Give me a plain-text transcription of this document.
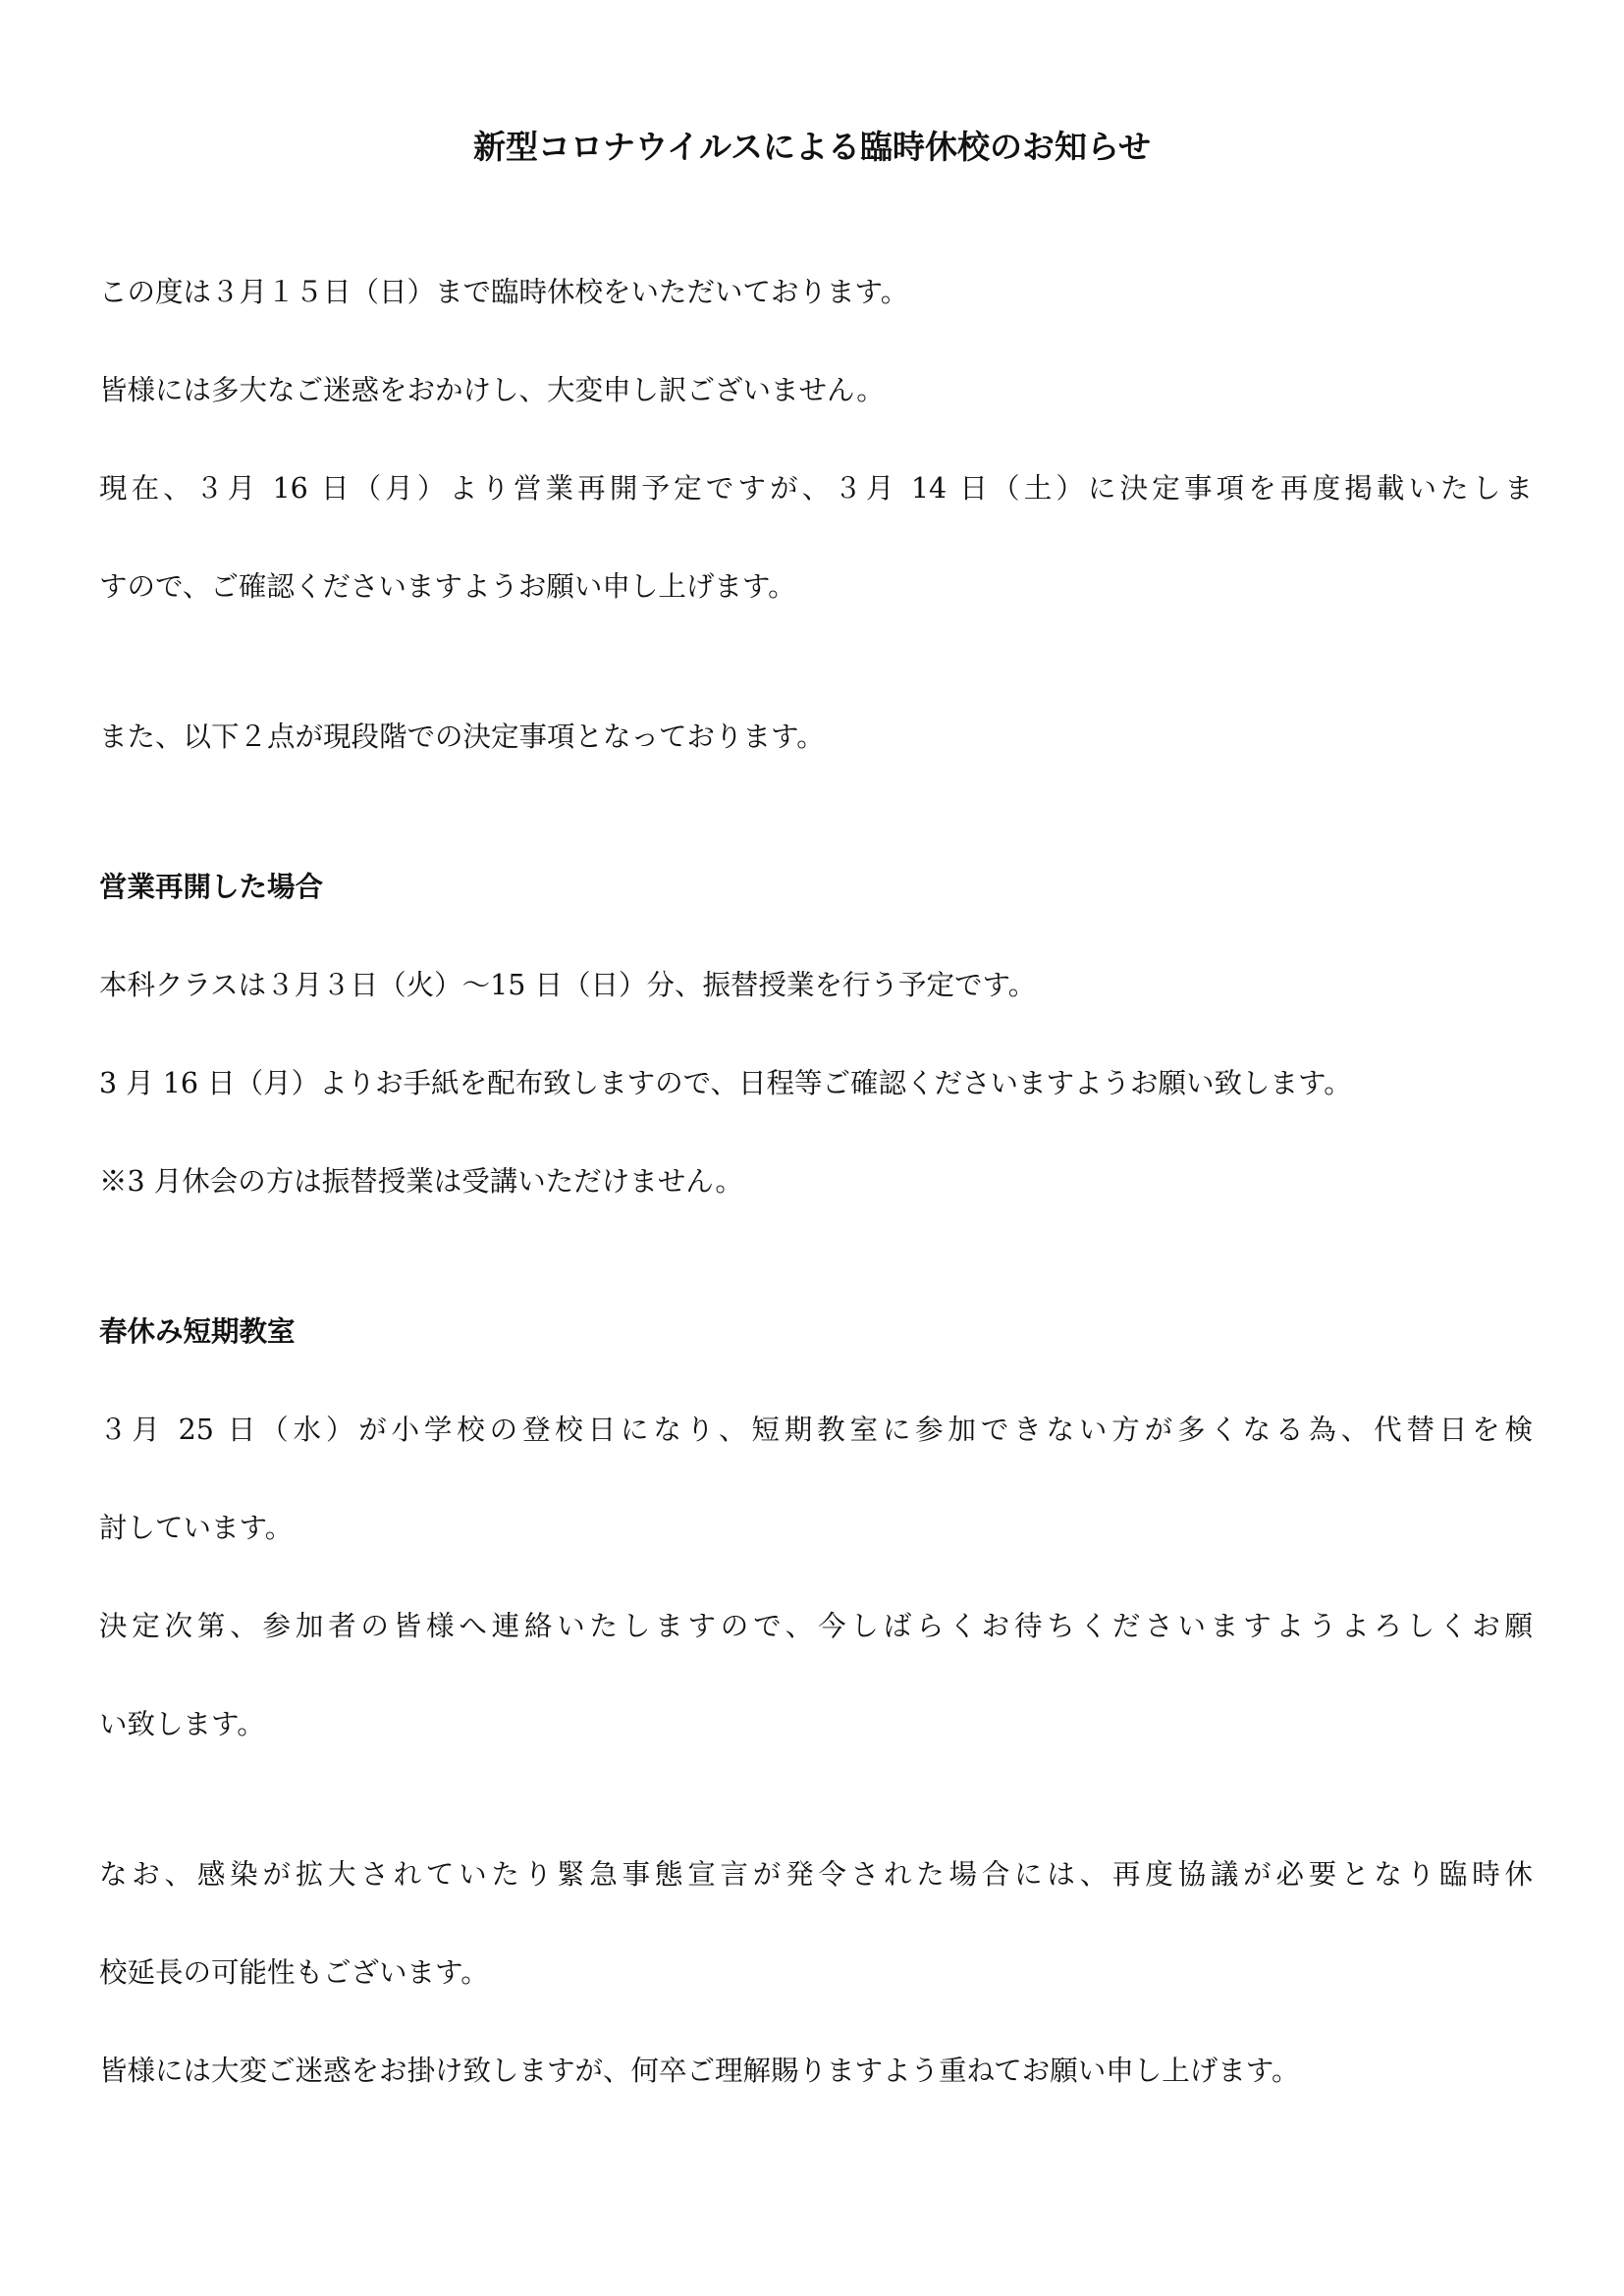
新型コロナウイルスによる臨時休校のお知らせ
この度は３月１５日（日）まで臨時休校をいただいております。
皆様には多大なご迷惑をおかけし、大変申し訳ございません。
現在、３月 16 日（月）より営業再開予定ですが、３月 14 日（土）に決定事項を再度掲載いたしま
すので、ご確認くださいますようお願い申し上げます。
また、以下２点が現段階での決定事項となっております。
営業再開した場合
本科クラスは３月３日（火）～15 日（日）分、振替授業を行う予定です。
3 月 16 日（月）よりお手紙を配布致しますので、日程等ご確認くださいますようお願い致します。
※3 月休会の方は振替授業は受講いただけません。
春休み短期教室
３月 25 日（水）が小学校の登校日になり、短期教室に参加できない方が多くなる為、代替日を検
討しています。
決定次第、参加者の皆様へ連絡いたしますので、今しばらくお待ちくださいますようよろしくお願
い致します。
なお、感染が拡大されていたり緊急事態宣言が発令された場合には、再度協議が必要となり臨時休
校延長の可能性もございます。
皆様には大変ご迷惑をお掛け致しますが、何卒ご理解賜りますよう重ねてお願い申し上げます。
